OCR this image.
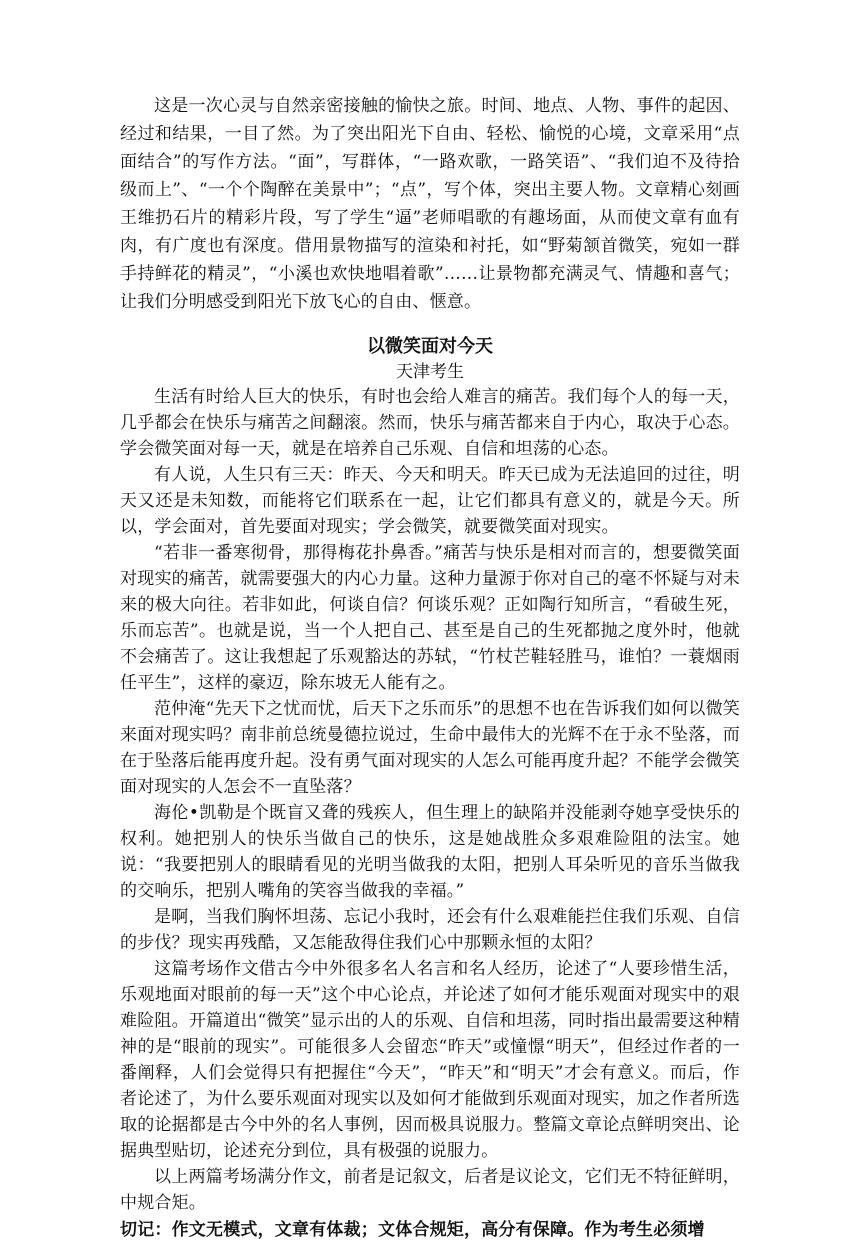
这是一次心灵与自然亲密接触的愉快之旅。时间、地点、人物、事件的起因、经过和结果，一目了然。为了突出阳光下自由、轻松、愉悦的心境，文章采用“点面结合”的写作方法。“面”，写群体，“一路欢歌，一路笑语”、“我们迫不及待拾级而上”、“一个个陶醉在美景中”；“点”，写个体，突出主要人物。文章精心刻画王维扔石片的精彩片段，写了学生“逼”老师唱歌的有趣场面，从而使文章有血有肉，有广度也有深度。借用景物描写的渲染和衬托，如“野菊颔首微笑，宛如一群手持鲜花的精灵”，“小溪也欢快地唱着歌”……让景物都充满灵气、情趣和喜气；让我们分明感受到阳光下放飞心的自由、惬意。

以微笑面对今天

天津考生

生活有时给人巨大的快乐，有时也会给人难言的痛苦。我们每个人的每一天，几乎都会在快乐与痛苦之间翻滚。然而，快乐与痛苦都来自于内心，取决于心态。学会微笑面对每一天，就是在培养自己乐观、自信和坦荡的心态。

有人说，人生只有三天：昨天、今天和明天。昨天已成为无法追回的过往，明天又还是未知数，而能将它们联系在一起，让它们都具有意义的，就是今天。所以，学会面对，首先要面对现实；学会微笑，就要微笑面对现实。

“若非一番寒彻骨，那得梅花扑鼻香。”痛苦与快乐是相对而言的，想要微笑面对现实的痛苦，就需要强大的内心力量。这种力量源于你对自己的毫不怀疑与对未来的极大向往。若非如此，何谈自信？何谈乐观？正如陶行知所言，“看破生死，乐而忘苦”。也就是说，当一个人把自己、甚至是自己的生死都抛之度外时，他就不会痛苦了。这让我想起了乐观豁达的苏轼，“竹杖芒鞋轻胜马，谁怕？一蓑烟雨任平生”，这样的豪迈，除东坡无人能有之。

范仲淹“先天下之忧而忧，后天下之乐而乐”的思想不也在告诉我们如何以微笑来面对现实吗？南非前总统曼德拉说过，生命中最伟大的光辉不在于永不坠落，而在于坠落后能再度升起。没有勇气面对现实的人怎么可能再度升起？不能学会微笑面对现实的人怎会不一直坠落？

海伦•凯勒是个既盲又聋的残疾人，但生理上的缺陷并没能剥夺她享受快乐的权利。她把别人的快乐当做自己的快乐，这是她战胜众多艰难险阻的法宝。她说：“我要把别人的眼睛看见的光明当做我的太阳，把别人耳朵听见的音乐当做我的交响乐，把别人嘴角的笑容当做我的幸福。”

是啊，当我们胸怀坦荡、忘记小我时，还会有什么艰难能拦住我们乐观、自信的步伐？现实再残酷，又怎能敌得住我们心中那颗永恒的太阳？

这篇考场作文借古今中外很多名人名言和名人经历，论述了“人要珍惜生活，乐观地面对眼前的每一天”这个中心论点，并论述了如何才能乐观面对现实中的艰难险阻。开篇道出“微笑”显示出的人的乐观、自信和坦荡，同时指出最需要这种精神的是“眼前的现实”。可能很多人会留恋“昨天”或憧憬“明天”，但经过作者的一番阐释，人们会觉得只有把握住“今天”，“昨天”和“明天”才会有意义。而后，作者论述了，为什么要乐观面对现实以及如何才能做到乐观面对现实，加之作者所选取的论据都是古今中外的名人事例，因而极具说服力。整篇文章论点鲜明突出、论据典型贴切，论述充分到位，具有极强的说服力。

以上两篇考场满分作文，前者是记叙文，后者是议论文，它们无不特征鲜明，中规合矩。

切记：作文无模式，文章有体裁；文体合规矩，高分有保障。作为考生必须增
